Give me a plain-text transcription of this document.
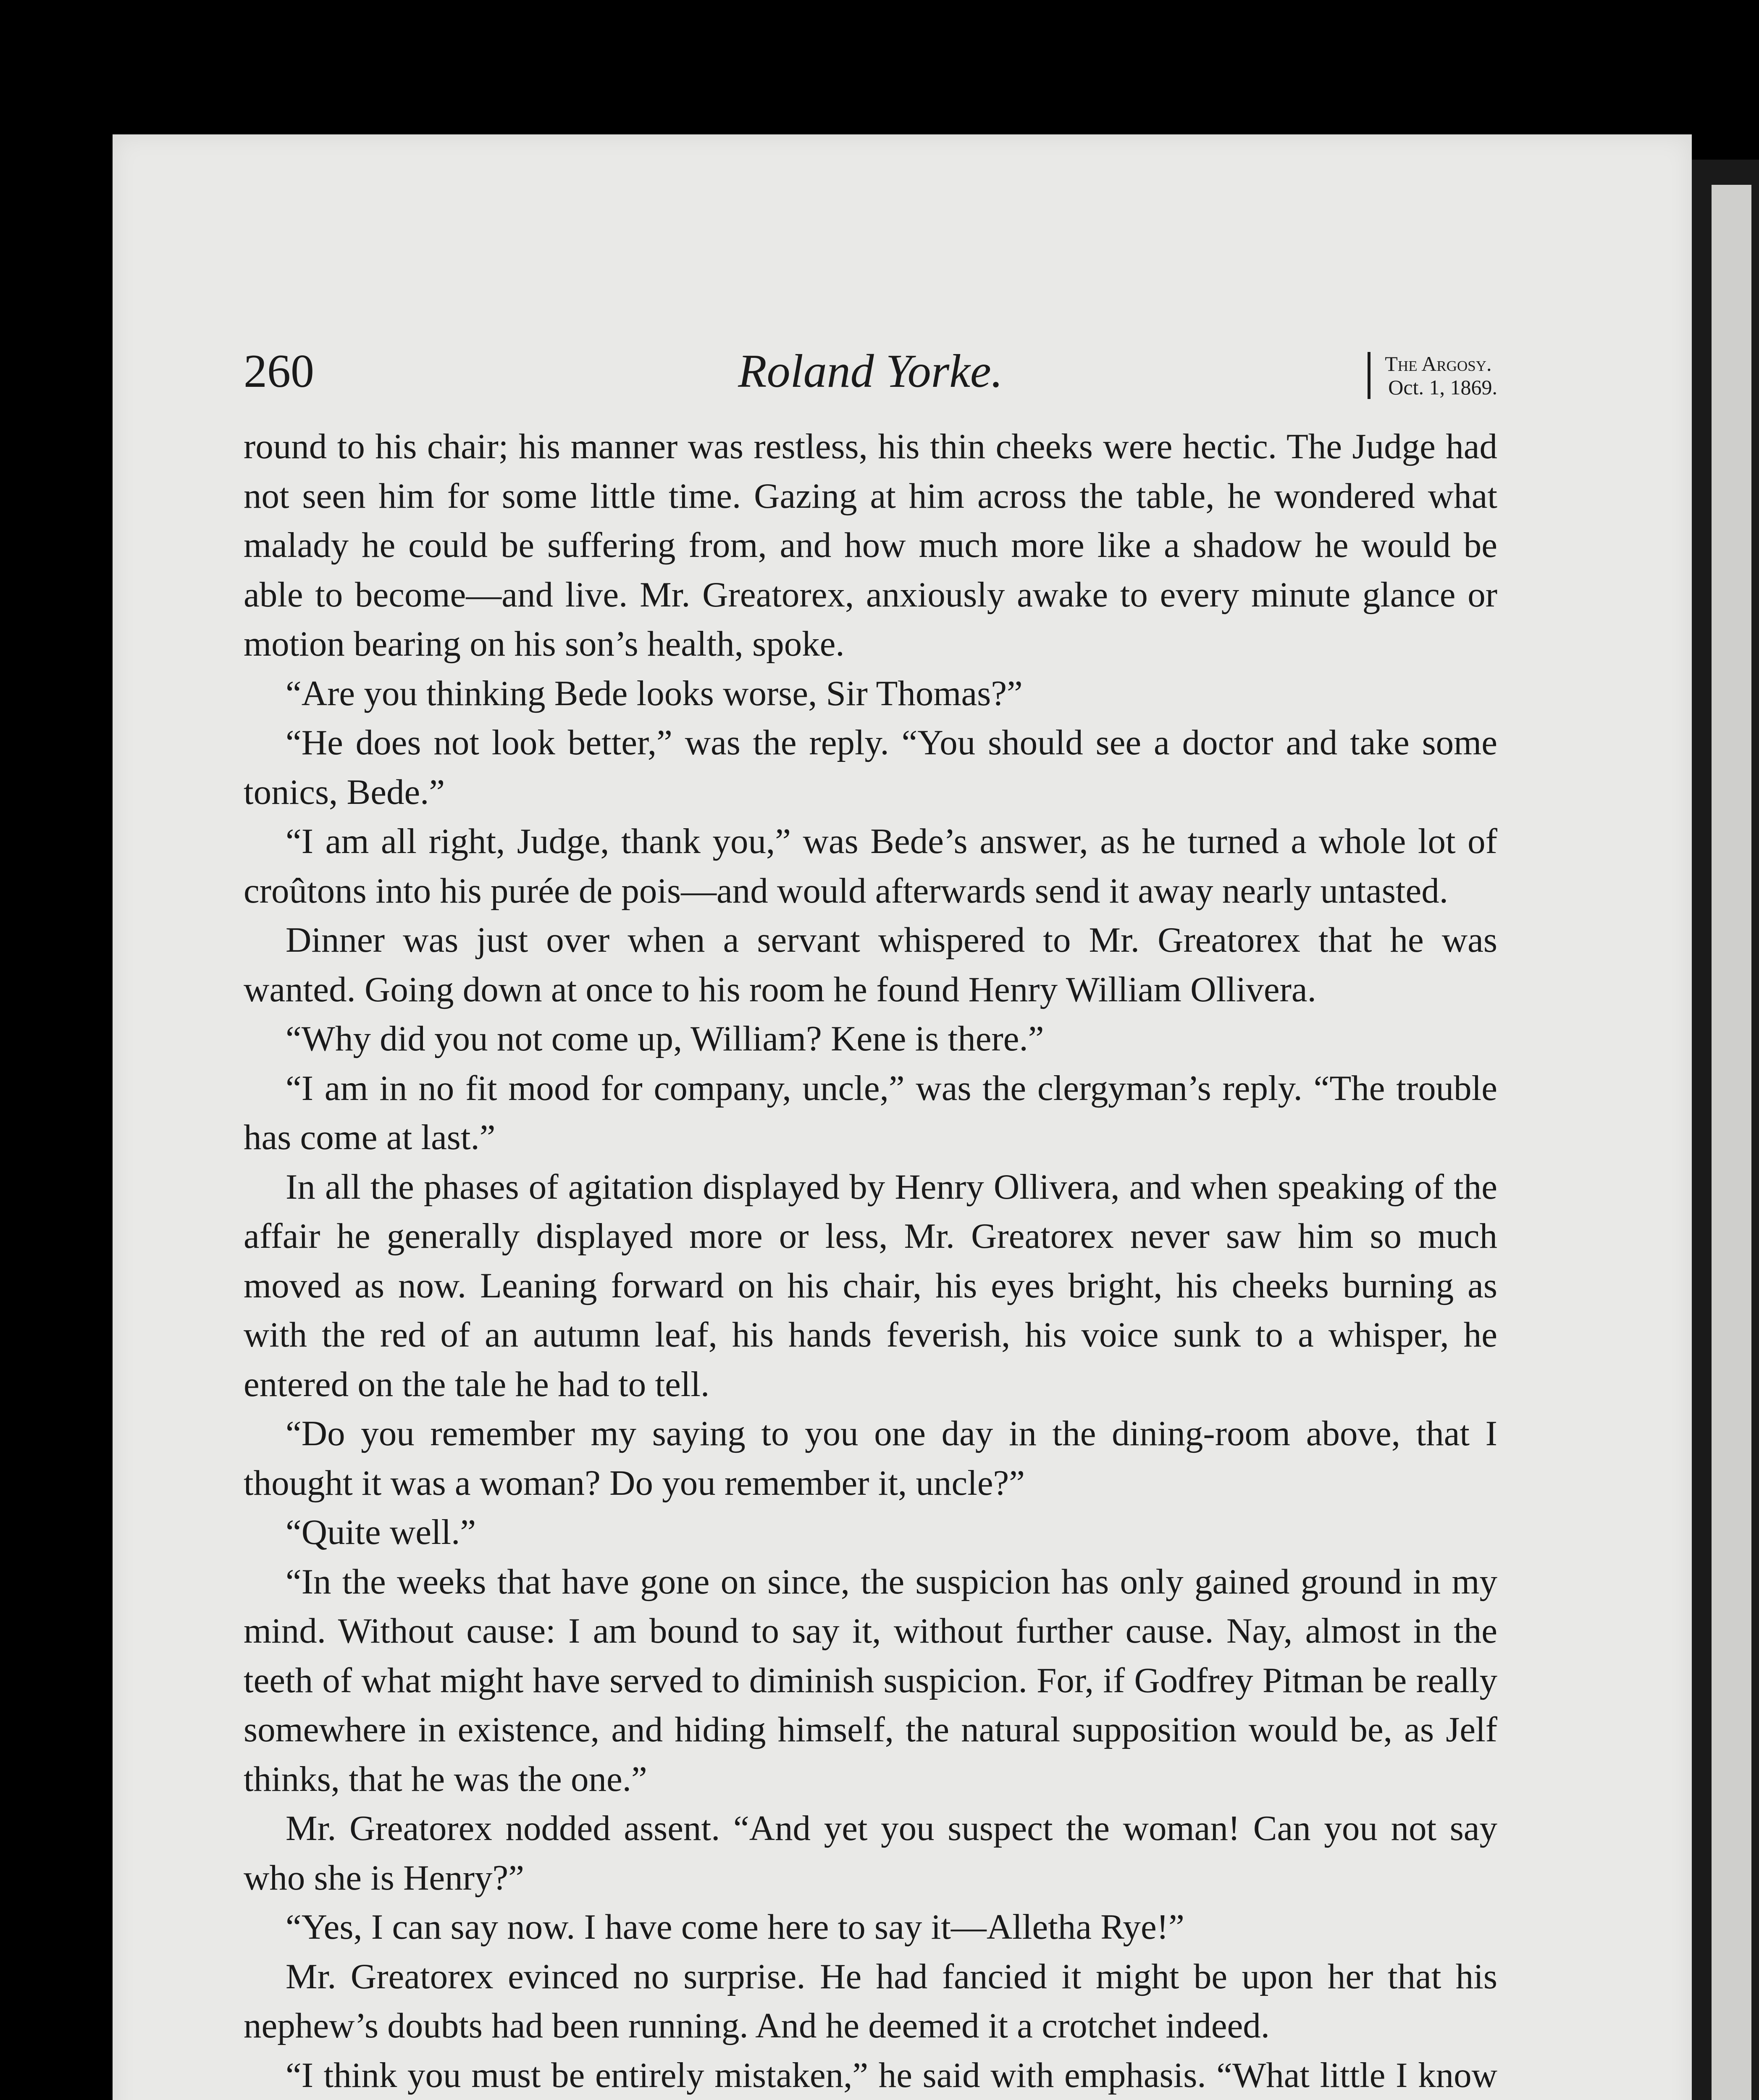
260	Roland Yorke.	The Argosy.
Oct. 1, 1869.

round to his chair; his manner was restless, his thin cheeks were hectic. The Judge had not seen him for some little time. Gazing at him across the table, he wondered what malady he could be suffering from, and how much more like a shadow he would be able to become—and live. Mr. Greatorex, anxiously awake to every minute glance or motion bearing on his son’s health, spoke.

“Are you thinking Bede looks worse, Sir Thomas?”

“He does not look better,” was the reply. “You should see a doctor and take some tonics, Bede.”

“I am all right, Judge, thank you,” was Bede’s answer, as he turned a whole lot of croûtons into his purée de pois—and would afterwards send it away nearly untasted.

Dinner was just over when a servant whispered to Mr. Greatorex that he was wanted. Going down at once to his room he found Henry William Ollivera.

“Why did you not come up, William? Kene is there.”

“I am in no fit mood for company, uncle,” was the clergyman’s reply. “The trouble has come at last.”

In all the phases of agitation displayed by Henry Ollivera, and when speaking of the affair he generally displayed more or less, Mr. Greatorex never saw him so much moved as now. Leaning forward on his chair, his eyes bright, his cheeks burning as with the red of an autumn leaf, his hands feverish, his voice sunk to a whisper, he entered on the tale he had to tell.

“Do you remember my saying to you one day in the dining-room above, that I thought it was a woman? Do you remember it, uncle?”

“Quite well.”

“In the weeks that have gone on since, the suspicion has only gained ground in my mind. Without cause: I am bound to say it, without further cause. Nay, almost in the teeth of what might have served to diminish suspicion. For, if Godfrey Pitman be really somewhere in existence, and hiding himself, the natural supposition would be, as Jelf thinks, that he was the one.”

Mr. Greatorex nodded assent. “And yet you suspect the woman! Can you not say who she is Henry?”

“Yes, I can say now. I have come here to say it—Alletha Rye!”

Mr. Greatorex evinced no surprise. He had fancied it might be upon her that his nephew’s doubts had been running. And he deemed it a crotchet indeed.

“I think you must be entirely mistaken,” he said with emphasis. “What little I know
